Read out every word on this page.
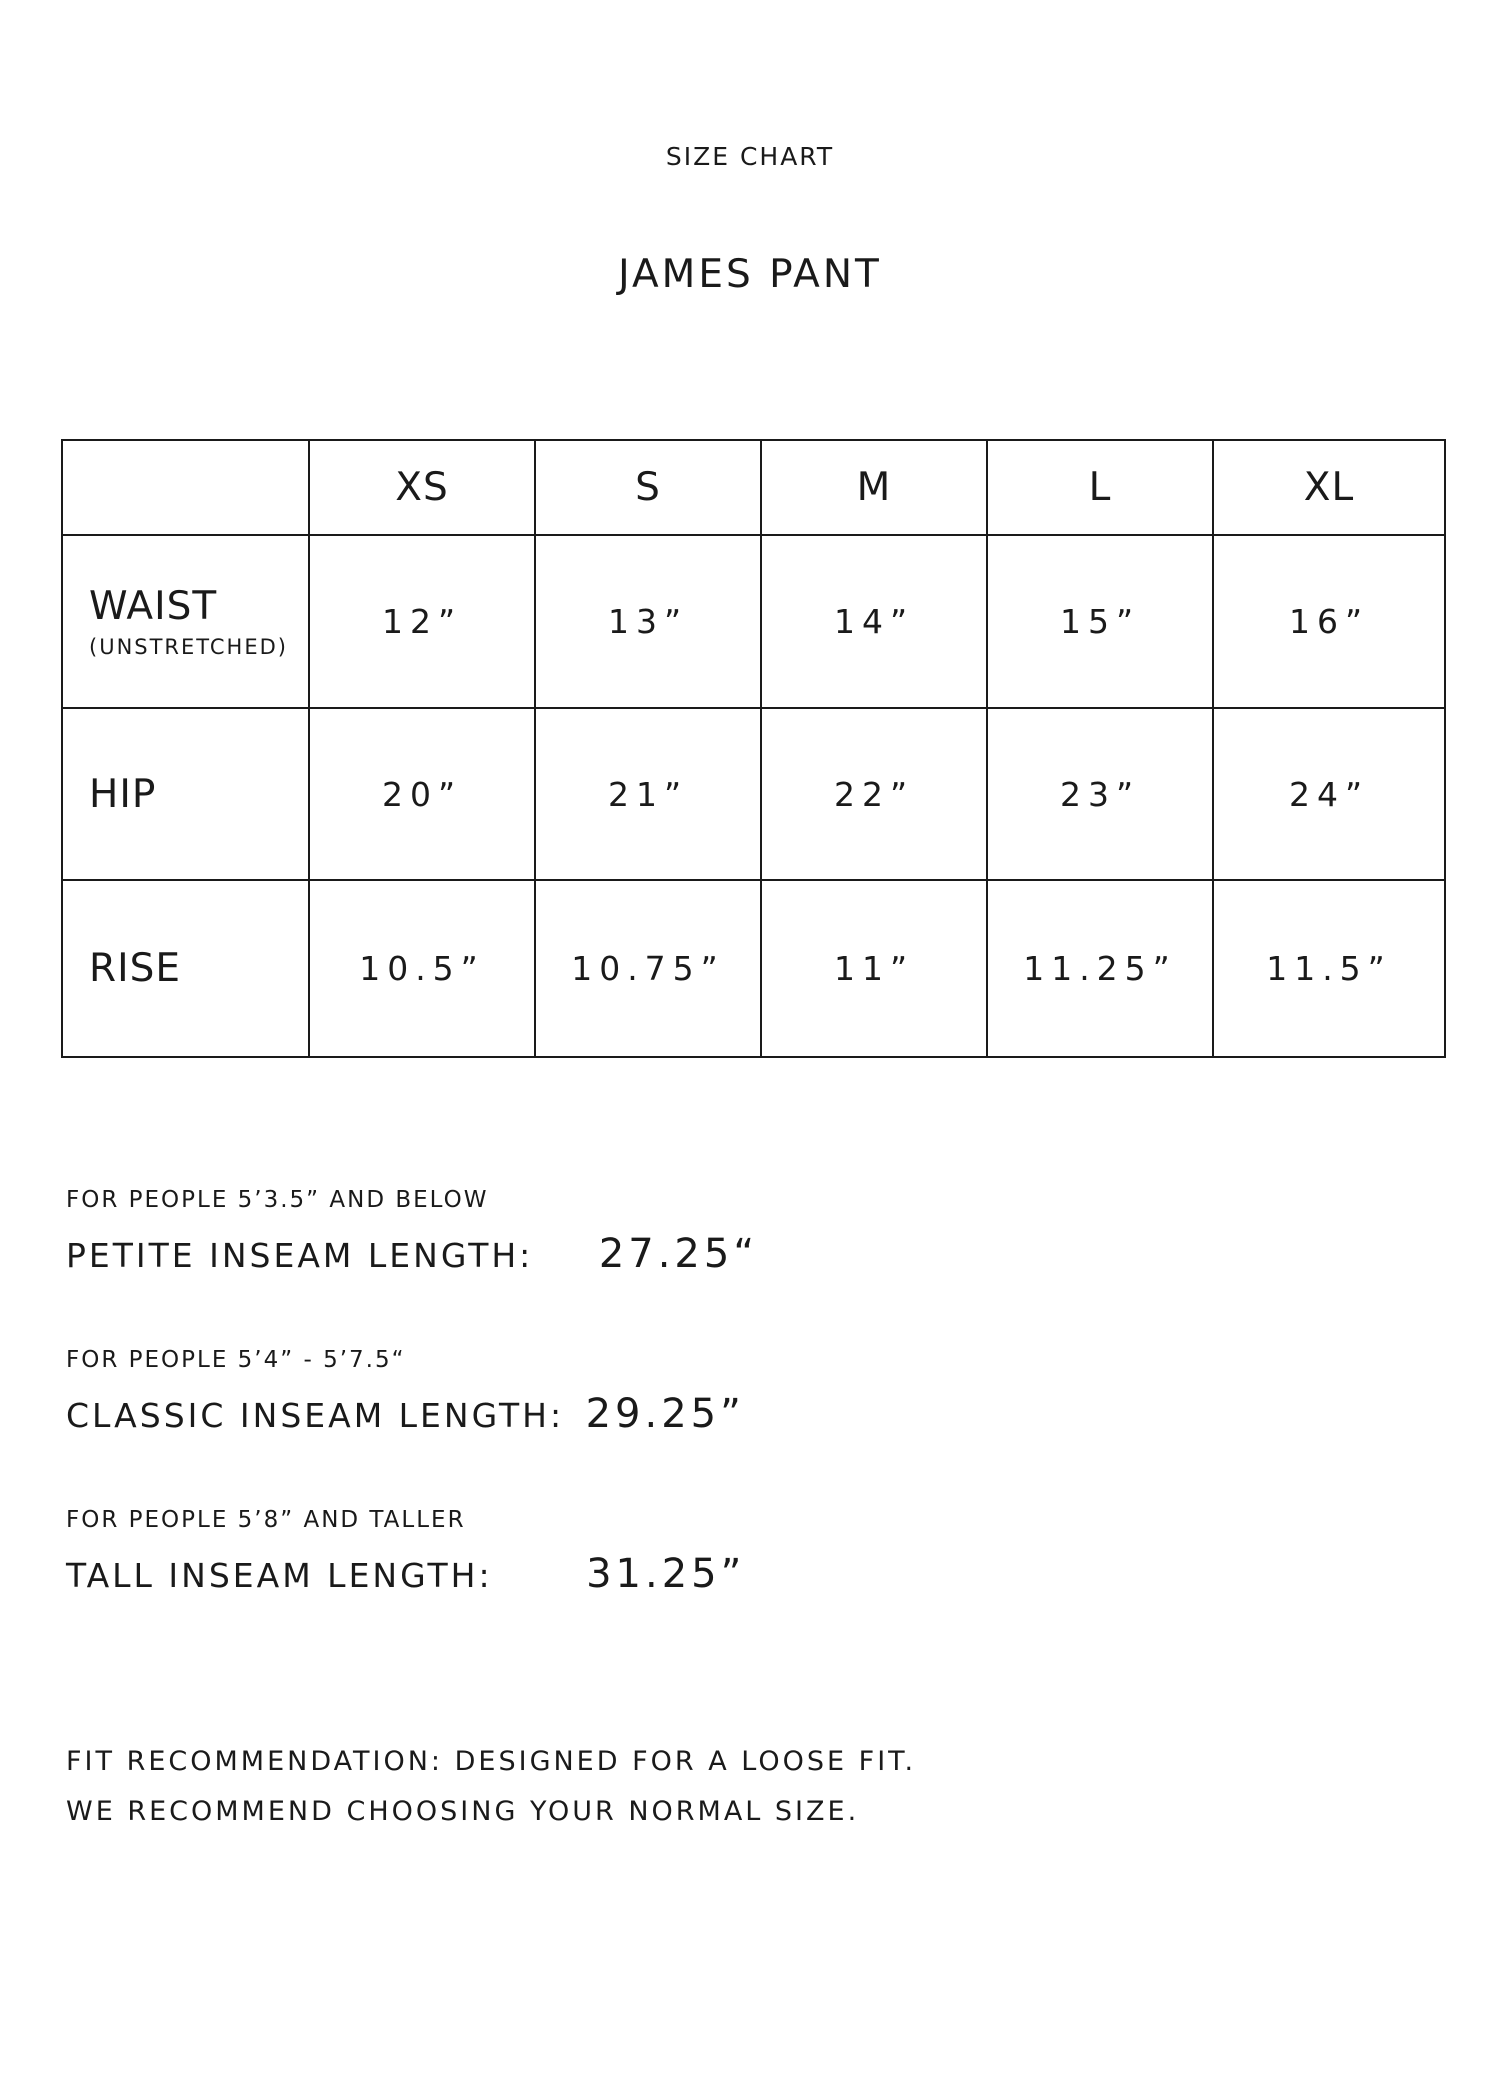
SIZE CHART
JAMES PANT
	XS	S	M	L	XL

WAIST
(UNSTRETCHED)	12”	13”	14”	15”	16”

HIP	20”	21”	22”	23”	24”

RISE	10.5”	10.75”	11”	11.25”	11.5”
FOR PEOPLE 5’3.5” AND BELOW
PETITE INSEAM LENGTH: 27.25“
FOR PEOPLE 5’4” - 5’7.5“
CLASSIC INSEAM LENGTH: 29.25”
FOR PEOPLE 5’8” AND TALLER
TALL INSEAM LENGTH: 31.25”
FIT RECOMMENDATION: DESIGNED FOR A LOOSE FIT.
WE RECOMMEND CHOOSING YOUR NORMAL SIZE.
